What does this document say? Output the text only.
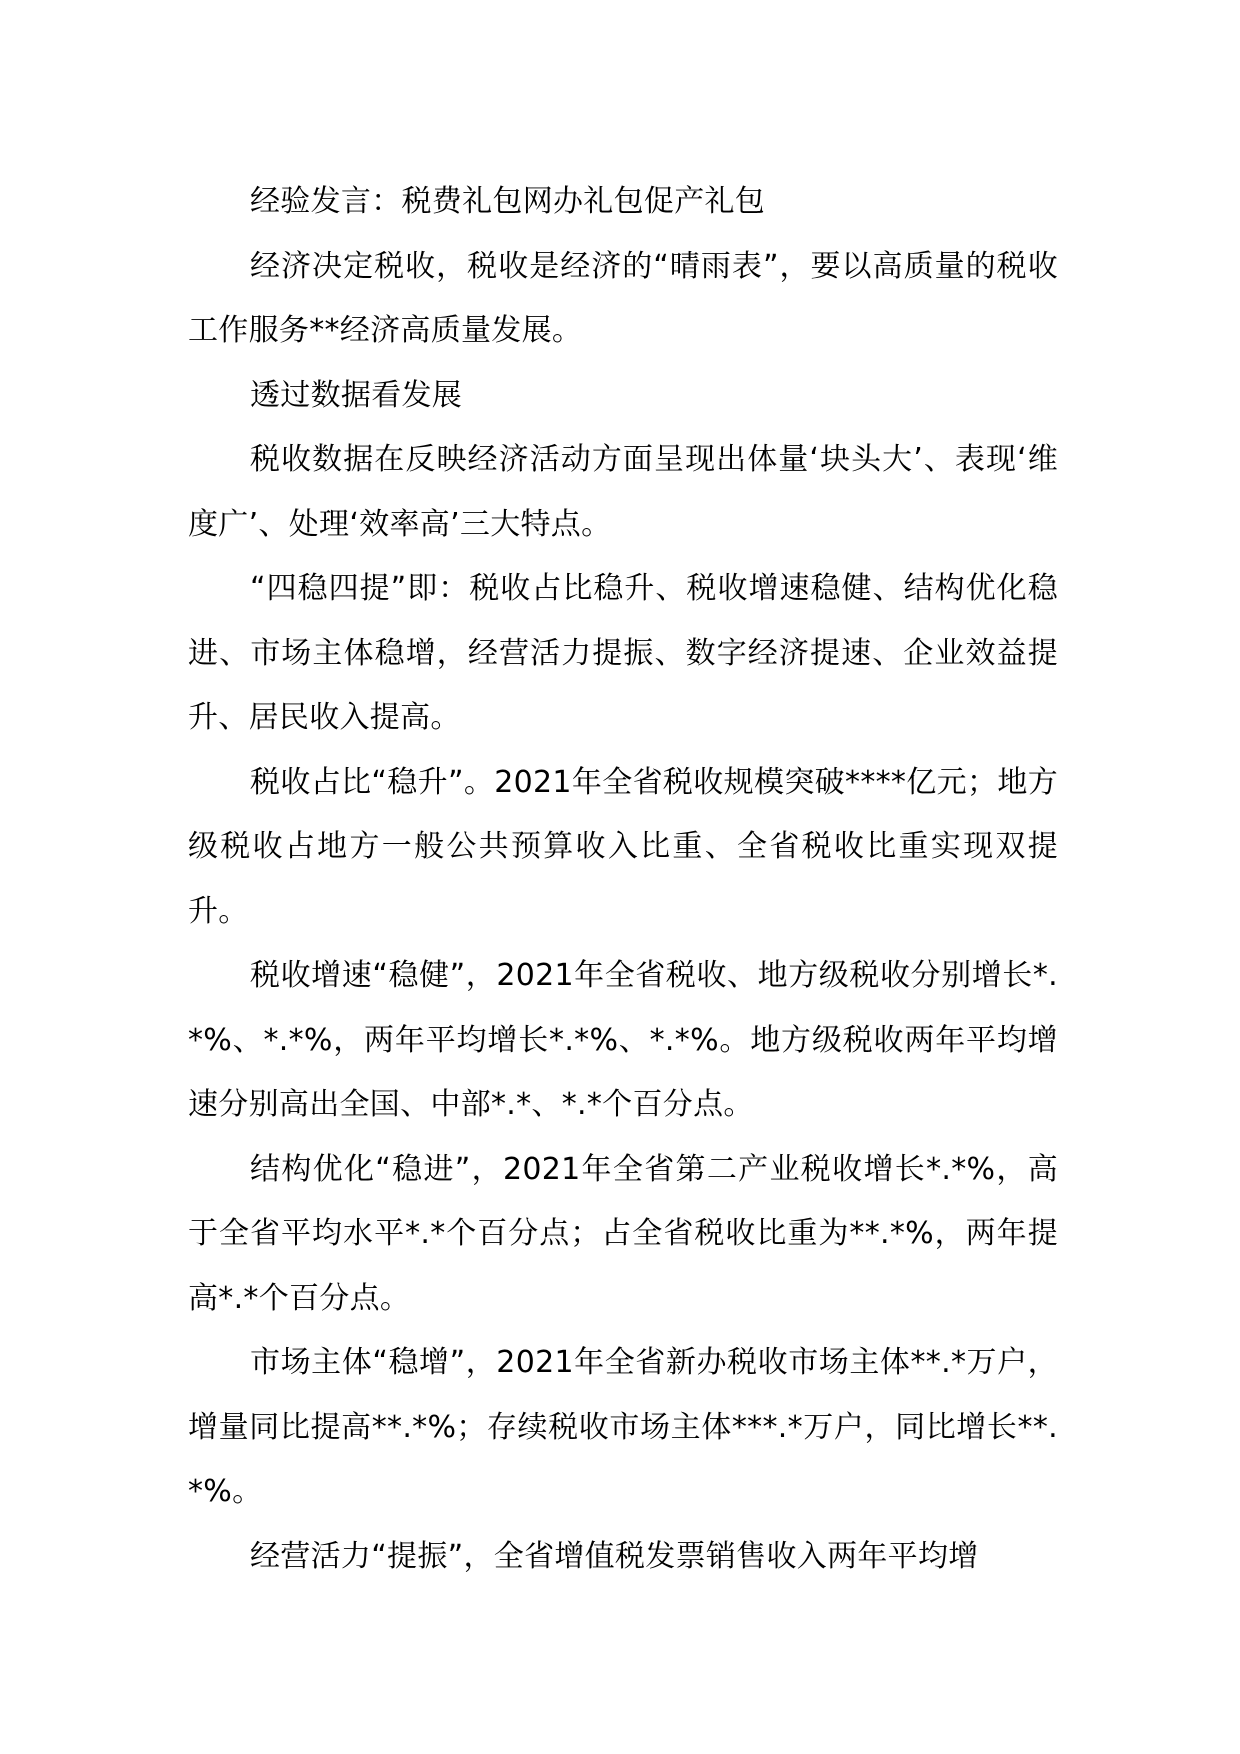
经验发言：税费礼包网办礼包促产礼包

经济决定税收，税收是经济的“晴雨表”，要以高质量的税收工作服务**经济高质量发展。

透过数据看发展

税收数据在反映经济活动方面呈现出体量‘块头大’、表现‘维度广’、处理‘效率高’三大特点。

“四稳四提”即：税收占比稳升、税收增速稳健、结构优化稳进、市场主体稳增，经营活力提振、数字经济提速、企业效益提升、居民收入提高。

税收占比“稳升”。2021年全省税收规模突破****亿元；地方级税收占地方一般公共预算收入比重、全省税收比重实现双提升。

税收增速“稳健”，2021年全省税收、地方级税收分别增长*.*%、*.*%，两年平均增长*.*%、*.*%。地方级税收两年平均增速分别高出全国、中部*.*、*.*个百分点。

结构优化“稳进”，2021年全省第二产业税收增长*.*%，高于全省平均水平*.*个百分点；占全省税收比重为**.*%，两年提高*.*个百分点。

市场主体“稳增”，2021年全省新办税收市场主体**.*万户，增量同比提高**.*%；存续税收市场主体***.*万户，同比增长**.*%。

经营活力“提振”，全省增值税发票销售收入两年平均增
